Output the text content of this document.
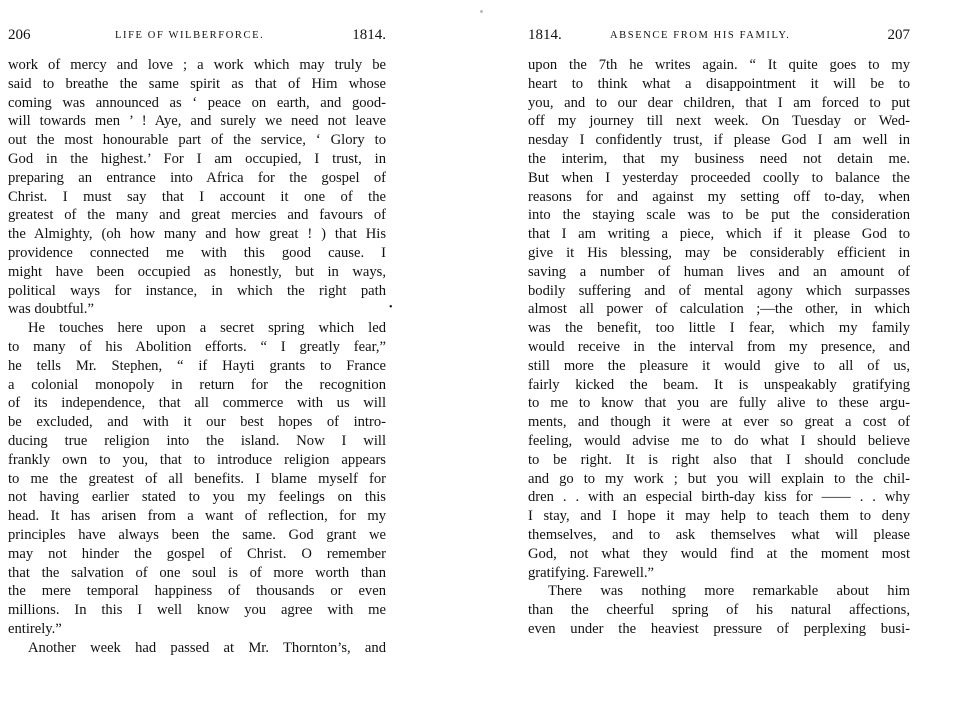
206	LIFE OF WILBERFORCE.	1814.
work of mercy and love ; a work which may truly be
said to breathe the same spirit as that of Him whose
coming was announced as ‘ peace on earth, and good-
will towards men ’ ! Aye, and surely we need not leave
out the most honourable part of the service, ‘ Glory to
God in the highest.’ For I am occupied, I trust, in
preparing an entrance into Africa for the gospel of
Christ. I must say that I account it one of the
greatest of the many and great mercies and favours of
the Almighty, (oh how many and how great ! ) that His
providence connected me with this good cause. I
might have been occupied as honestly, but in ways,
political ways for instance, in which the right path
was doubtful.”
He touches here upon a secret spring which led
to many of his Abolition efforts. “ I greatly fear,”
he tells Mr. Stephen, “ if Hayti grants to France
a colonial monopoly in return for the recognition
of its independence, that all commerce with us will
be excluded, and with it our best hopes of intro-
ducing true religion into the island. Now I will
frankly own to you, that to introduce religion appears
to me the greatest of all benefits. I blame myself for
not having earlier stated to you my feelings on this
head. It has arisen from a want of reflection, for my
principles have always been the same. God grant we
may not hinder the gospel of Christ. O remember
that the salvation of one soul is of more worth than
the mere temporal happiness of thousands or even
millions. In this I well know you agree with me
entirely.”
Another week had passed at Mr. Thornton’s, and
•
1814.	ABSENCE FROM HIS FAMILY.	207
upon the 7th he writes again. “ It quite goes to my
heart to think what a disappointment it will be to
you, and to our dear children, that I am forced to put
off my journey till next week. On Tuesday or Wed-
nesday I confidently trust, if please God I am well in
the interim, that my business need not detain me.
But when I yesterday proceeded coolly to balance the
reasons for and against my setting off to-day, when
into the staying scale was to be put the consideration
that I am writing a piece, which if it please God to
give it His blessing, may be considerably efficient in
saving a number of human lives and an amount of
bodily suffering and of mental agony which surpasses
almost all power of calculation ;—the other, in which
was the benefit, too little I fear, which my family
would receive in the interval from my presence, and
still more the pleasure it would give to all of us,
fairly kicked the beam. It is unspeakably gratifying
to me to know that you are fully alive to these argu-
ments, and though it were at ever so great a cost of
feeling, would advise me to do what I should believe
to be right. It is right also that I should conclude
and go to my work ; but you will explain to the chil-
dren . . with an especial birth-day kiss for —— . . why
I stay, and I hope it may help to teach them to deny
themselves, and to ask themselves what will please
God, not what they would find at the moment most
gratifying. Farewell.”
There was nothing more remarkable about him
than the cheerful spring of his natural affections,
even under the heaviest pressure of perplexing busi-
